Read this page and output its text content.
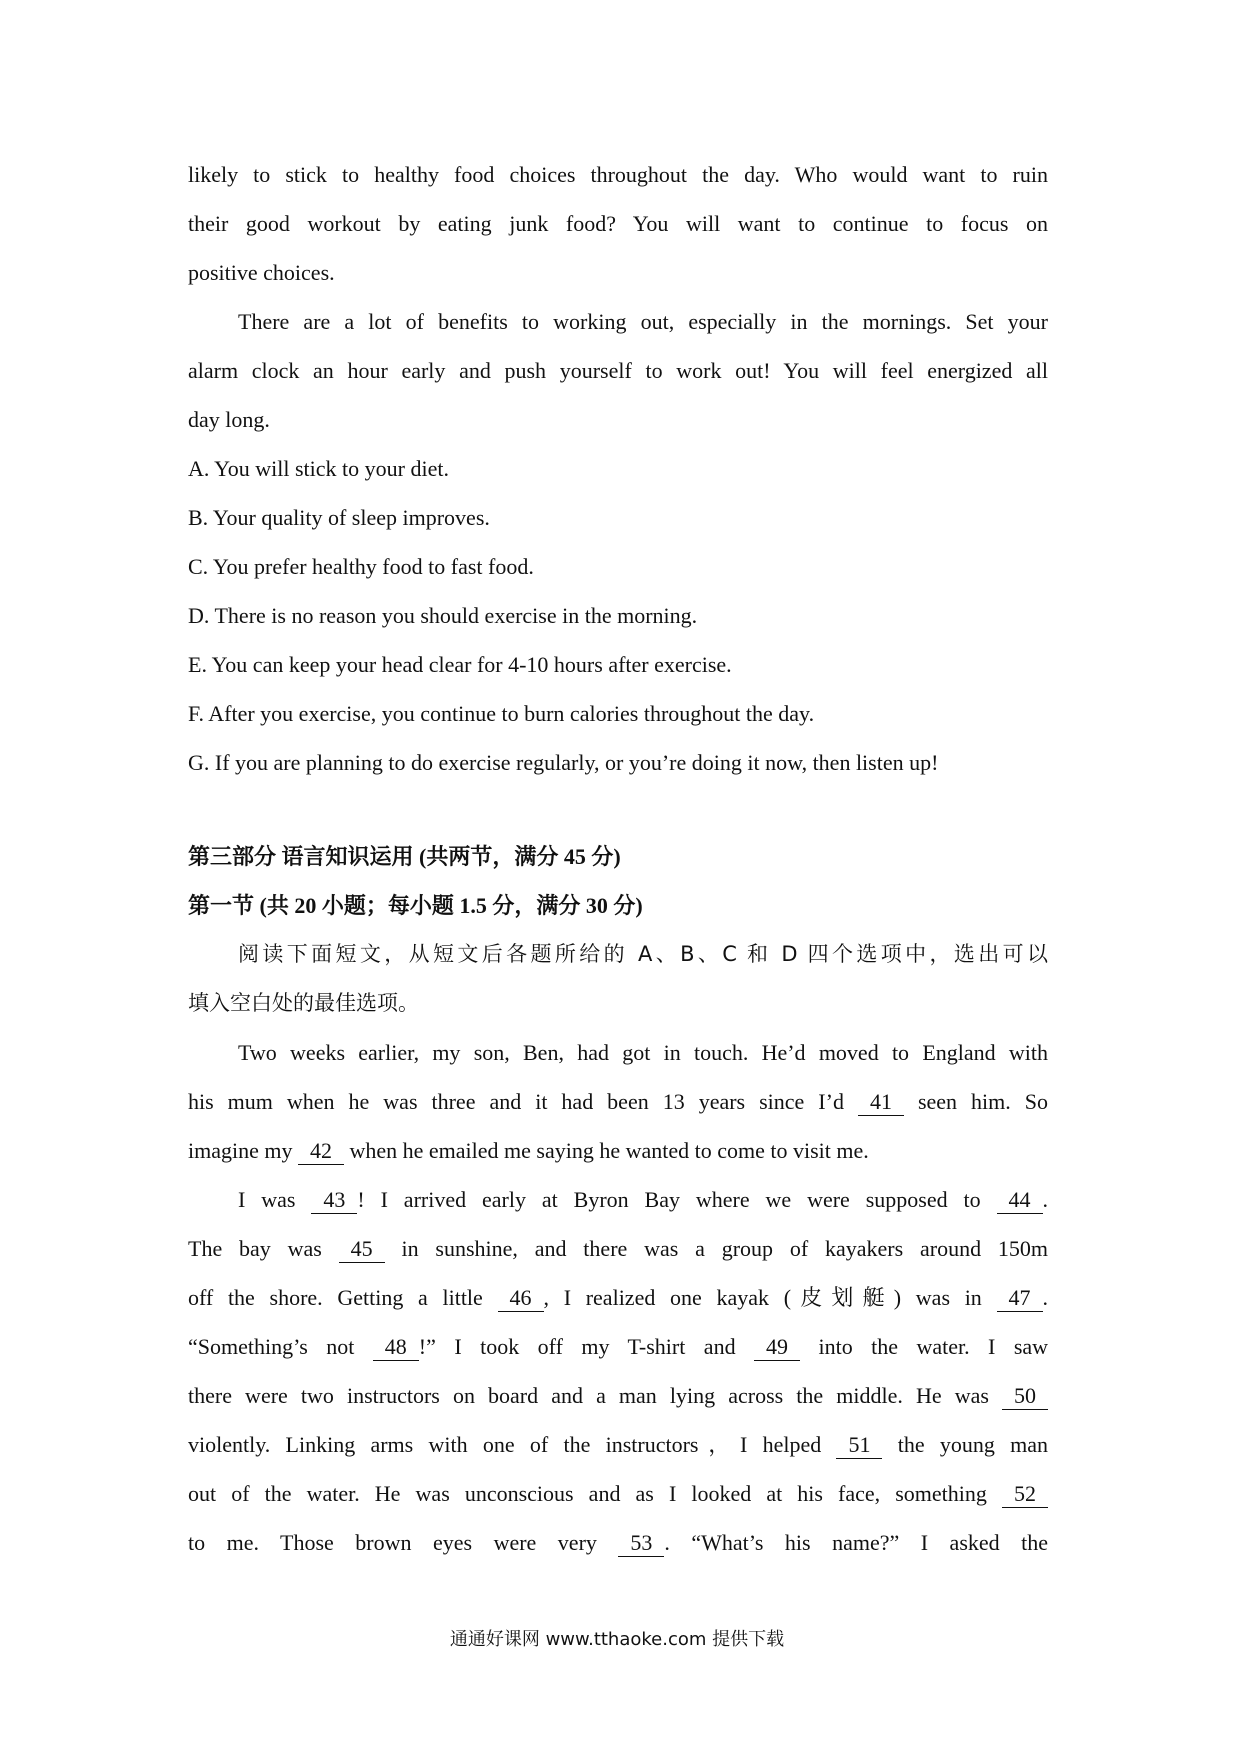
likely to stick to healthy food choices throughout the day. Who would want to ruin
their good workout by eating junk food? You will want to continue to focus on
positive choices.
There are a lot of benefits to working out, especially in the mornings. Set your
alarm clock an hour early and push yourself to work out! You will feel energized all
day long.
A. You will stick to your diet.
B. Your quality of sleep improves.
C. You prefer healthy food to fast food.
D. There is no reason you should exercise in the morning.
E. You can keep your head clear for 4-10 hours after exercise.
F. After you exercise, you continue to burn calories throughout the day.
G. If you are planning to do exercise regularly, or you’re doing it now, then listen up!
第三部分 语言知识运用 (共两节，满分 45 分)
第一节 (共 20 小题；每小题 1.5 分，满分 30 分)
阅读下面短文，从短文后各题所给的 A、B、C 和 D 四个选项中，选出可以
填入空白处的最佳选项。
Two weeks earlier, my son, Ben, had got in touch. He’d moved to England with
his mum when he was three and it had been 13 years since I’d 41 seen him. So
imagine my 42 when he emailed me saying he wanted to come to visit me.
I was 43 ! I arrived early at Byron Bay where we were supposed to 44 .
The bay was 45 in sunshine, and there was a group of kayakers around 150m
off the shore. Getting a little 46 , I realized one kayak (皮划艇) was in 47 .
“Something’s not 48 !” I took off my T-shirt and 49 into the water. I saw
there were two instructors on board and a man lying across the middle. He was 50
violently. Linking arms with one of the instructors，I helped 51 the young man
out of the water. He was unconscious and as I looked at his face, something 52
to me. Those brown eyes were very 53 . “What’s his name?” I asked the
通通好课网 www.tthaoke.com 提供下载
